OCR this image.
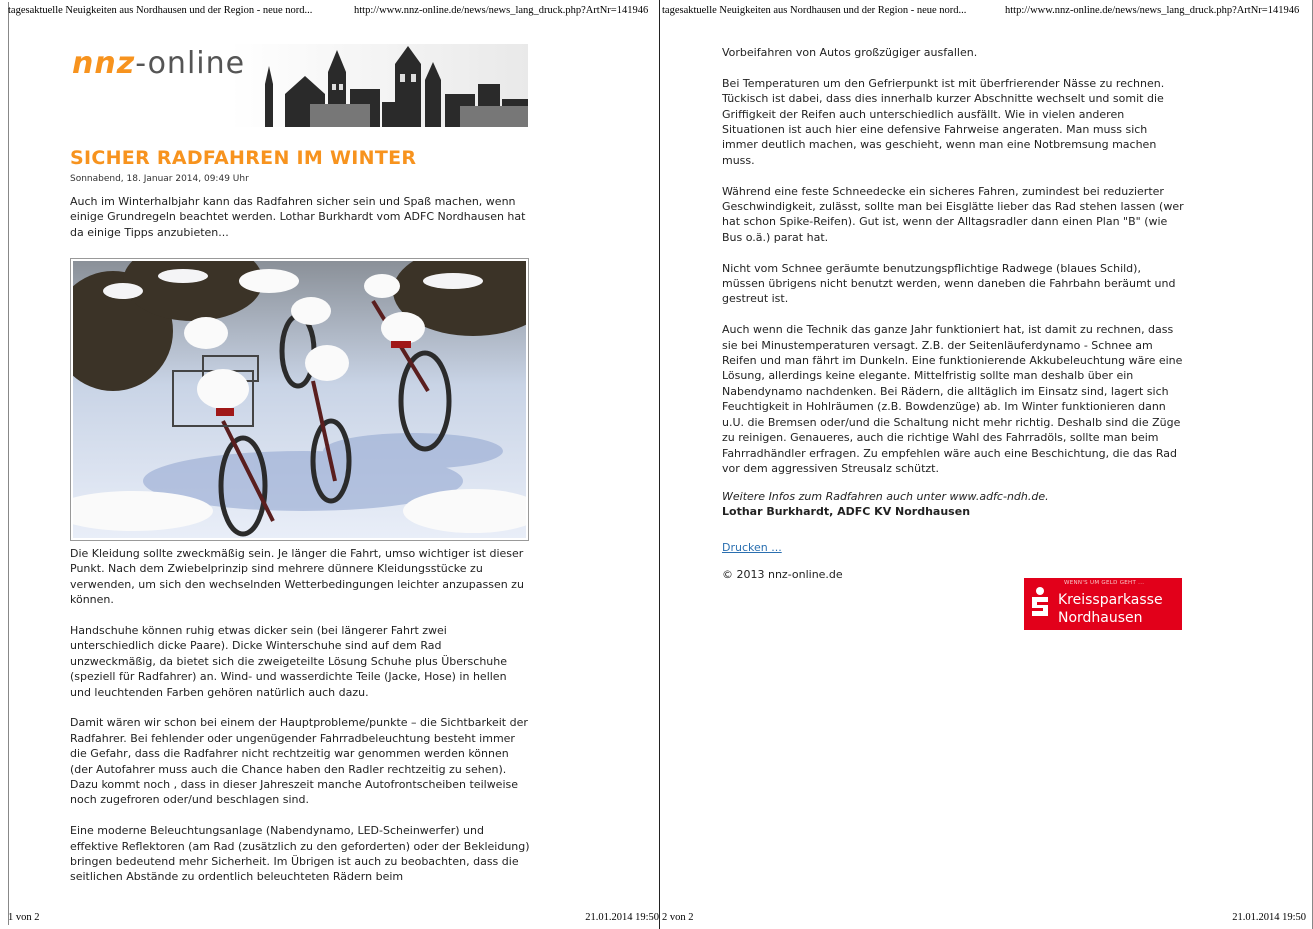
tagesaktuelle Neuigkeiten aus Nordhausen und der Region - neue nord...	http://www.nnz-online.de/news/news_lang_druck.php?ArtNr=141946
nnz-online
SICHER RADFAHREN IM WINTER
Sonnabend, 18. Januar 2014, 09:49 Uhr
Auch im Winterhalbjahr kann das Radfahren sicher sein und Spaß machen, wenn einige Grundregeln beachtet werden. Lothar Burkhardt vom ADFC Nordhausen hat da einige Tipps anzubieten...

Die Kleidung sollte zweckmäßig sein. Je länger die Fahrt, umso wichtiger ist dieser Punkt. Nach dem Zwiebelprinzip sind mehrere dünnere Kleidungsstücke zu verwenden, um sich den wechselnden Wetterbedingungen leichter anzupassen zu können.

Handschuhe können ruhig etwas dicker sein (bei längerer Fahrt zwei unterschiedlich dicke Paare). Dicke Winterschuhe sind auf dem Rad unzweckmäßig, da bietet sich die zweigeteilte Lösung Schuhe plus Überschuhe (speziell für Radfahrer) an. Wind- und wasserdichte Teile (Jacke, Hose) in hellen und leuchtenden Farben gehören natürlich auch dazu.

Damit wären wir schon bei einem der Hauptprobleme/punkte – die Sichtbarkeit der Radfahrer. Bei fehlender oder ungenügender Fahrradbeleuchtung besteht immer die Gefahr, dass die Radfahrer nicht rechtzeitig war genommen werden können (der Autofahrer muss auch die Chance haben den Radler rechtzeitig zu sehen). Dazu kommt noch , dass in dieser Jahreszeit manche Autofrontscheiben teilweise noch zugefroren oder/und beschlagen sind.

Eine moderne Beleuchtungsanlage (Nabendynamo, LED-Scheinwerfer) und effektive Reflektoren (am Rad (zusätzlich zu den geforderten) oder der Bekleidung) bringen bedeutend mehr Sicherheit. Im Übrigen ist auch zu beobachten, dass die seitlichen Abstände zu ordentlich beleuchteten Rädern beim

1 von 2	21.01.2014 19:50
tagesaktuelle Neuigkeiten aus Nordhausen und der Region - neue nord...	http://www.nnz-online.de/news/news_lang_druck.php?ArtNr=141946

Vorbeifahren von Autos großzügiger ausfallen.

Bei Temperaturen um den Gefrierpunkt ist mit überfrierender Nässe zu rechnen. Tückisch ist dabei, dass dies innerhalb kurzer Abschnitte wechselt und somit die Griffigkeit der Reifen auch unterschiedlich ausfällt. Wie in vielen anderen Situationen ist auch hier eine defensive Fahrweise angeraten. Man muss sich immer deutlich machen, was geschieht, wenn man eine Notbremsung machen muss.

Während eine feste Schneedecke ein sicheres Fahren, zumindest bei reduzierter Geschwindigkeit, zulässt, sollte man bei Eisglätte lieber das Rad stehen lassen (wer hat schon Spike-Reifen). Gut ist, wenn der Alltagsradler dann einen Plan "B" (wie Bus o.ä.) parat hat.

Nicht vom Schnee geräumte benutzungspflichtige Radwege (blaues Schild), müssen übrigens nicht benutzt werden, wenn daneben die Fahrbahn beräumt und gestreut ist.

Auch wenn die Technik das ganze Jahr funktioniert hat, ist damit zu rechnen, dass sie bei Minustemperaturen versagt. Z.B. der Seitenläuferdynamo - Schnee am Reifen und man fährt im Dunkeln. Eine funktionierende Akkubeleuchtung wäre eine Lösung, allerdings keine elegante. Mittelfristig sollte man deshalb über ein Nabendynamo nachdenken. Bei Rädern, die alltäglich im Einsatz sind, lagert sich Feuchtigkeit in Hohlräumen (z.B. Bowdenzüge) ab. Im Winter funktionieren dann u.U. die Bremsen oder/und die Schaltung nicht mehr richtig. Deshalb sind die Züge zu reinigen. Genaueres, auch die richtige Wahl des Fahrradöls, sollte man beim Fahrradhändler erfragen. Zu empfehlen wäre auch eine Beschichtung, die das Rad vor dem aggressiven Streusalz schützt.

Weitere Infos zum Radfahren auch unter www.adfc-ndh.de.
Lothar Burkhardt, ADFC KV Nordhausen
Drucken ...
© 2013 nnz-online.de
2 von 2	21.01.2014 19:50
WENN'S UM GELD GEHT ...
Kreissparkasse
Nordhausen
